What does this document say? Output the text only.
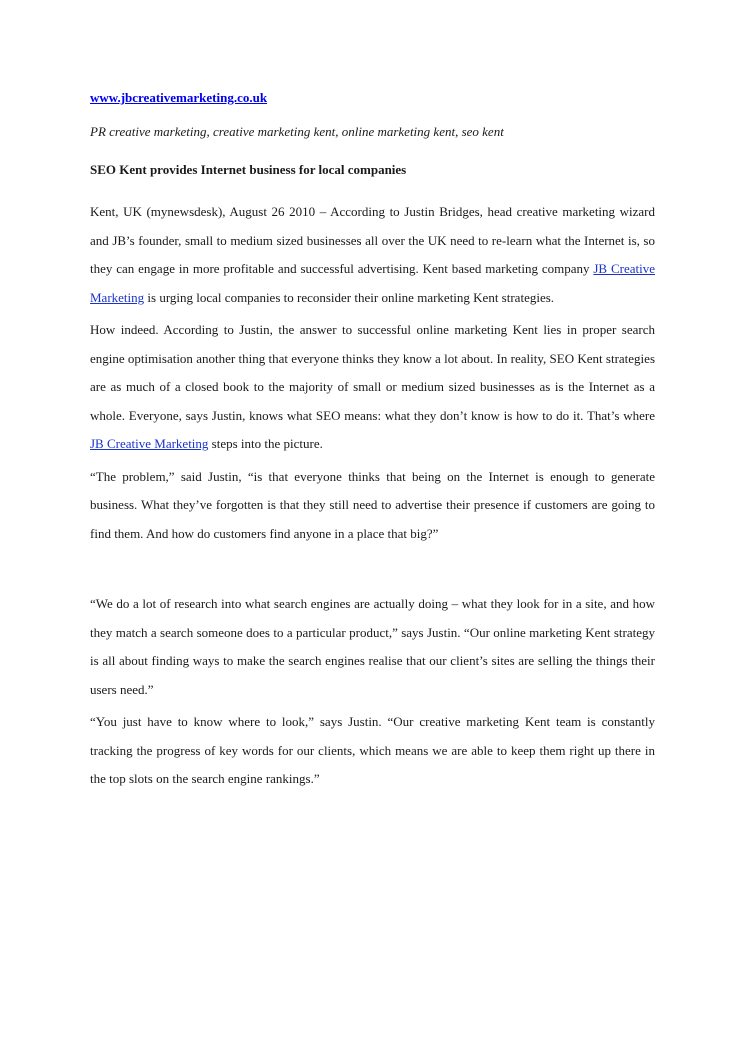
www.jbcreativemarketing.co.uk
PR creative marketing, creative marketing kent, online marketing kent, seo kent
SEO Kent provides Internet business for local companies

Kent, UK (mynewsdesk), August 26 2010 – According to Justin Bridges, head creative marketing wizard and JB’s founder, small to medium sized businesses all over the UK need to re-learn what the Internet is, so they can engage in more profitable and successful advertising. Kent based marketing company JB Creative Marketing is urging local companies to reconsider their online marketing Kent strategies.

How indeed. According to Justin, the answer to successful online marketing Kent lies in proper search engine optimisation another thing that everyone thinks they know a lot about. In reality, SEO Kent strategies are as much of a closed book to the majority of small or medium sized businesses as is the Internet as a whole. Everyone, says Justin, knows what SEO means: what they don’t know is how to do it. That’s where JB Creative Marketing steps into the picture.

“The problem,” said Justin, “is that everyone thinks that being on the Internet is enough to generate business. What they’ve forgotten is that they still need to advertise their presence if customers are going to find them. And how do customers find anyone in a place that big?”

“We do a lot of research into what search engines are actually doing – what they look for in a site, and how they match a search someone does to a particular product,” says Justin. “Our online marketing Kent strategy is all about finding ways to make the search engines realise that our client’s sites are selling the things their users need.”

“You just have to know where to look,” says Justin. “Our creative marketing Kent team is constantly tracking the progress of key words for our clients, which means we are able to keep them right up there in the top slots on the search engine rankings.”
